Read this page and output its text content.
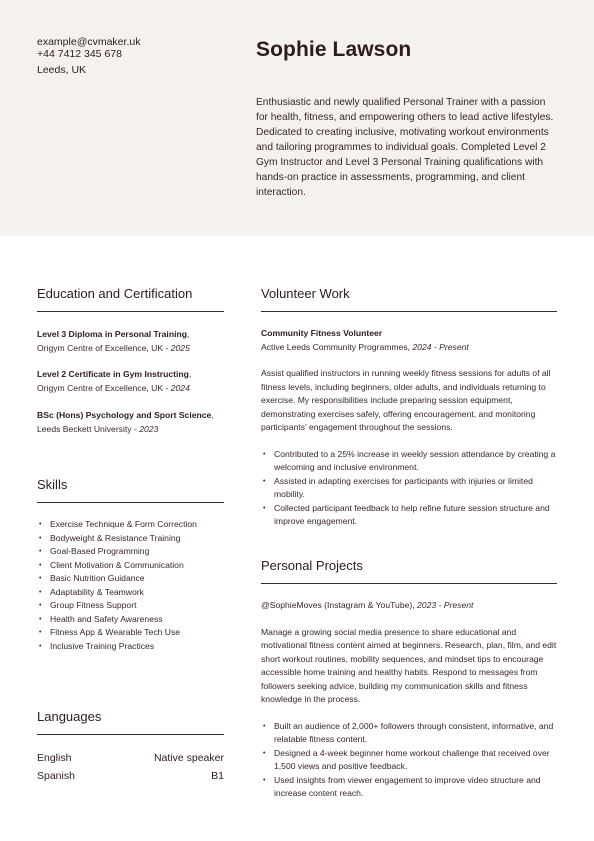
example@cvmaker.uk
+44 7412 345 678
Leeds, UK
Sophie Lawson

Enthusiastic and newly qualified Personal Trainer with a passion for health, fitness, and empowering others to lead active lifestyles. Dedicated to creating inclusive, motivating workout environments and tailoring programmes to individual goals. Completed Level 2 Gym Instructor and Level 3 Personal Training qualifications with hands-on practice in assessments, programming, and client interaction.

Education and Certification
Level 3 Diploma in Personal Training,
Origym Centre of Excellence, UK - 2025
Level 2 Certificate in Gym Instructing,
Origym Centre of Excellence, UK - 2024
BSc (Hons) Psychology and Sport Science,
Leeds Beckett University - 2023
Skills
• Exercise Technique & Form Correction
• Bodyweight & Resistance Training
• Goal-Based Programming
• Client Motivation & Communication
• Basic Nutrition Guidance
• Adaptability & Teamwork
• Group Fitness Support
• Health and Safety Awareness
• Fitness App & Wearable Tech Use
• Inclusive Training Practices
Languages
English	Native speaker
Spanish	B1
Volunteer Work
Community Fitness Volunteer
Active Leeds Community Programmes, 2024 - Present

Assist qualified instructors in running weekly fitness sessions for adults of all fitness levels, including beginners, older adults, and individuals returning to exercise. My responsibilities include preparing session equipment, demonstrating exercises safely, offering encouragement, and monitoring participants' engagement throughout the sessions.

• Contributed to a 25% increase in weekly session attendance by creating a welcoming and inclusive environment.
• Assisted in adapting exercises for participants with injuries or limited mobility.
• Collected participant feedback to help refine future session structure and improve engagement.
Personal Projects
@SophieMoves (Instagram & YouTube), 2023 - Present

Manage a growing social media presence to share educational and motivational fitness content aimed at beginners. Research, plan, film, and edit short workout routines, mobility sequences, and mindset tips to encourage accessible home training and healthy habits. Respond to messages from followers seeking advice, building my communication skills and fitness knowledge in the process.

• Built an audience of 2,000+ followers through consistent, informative, and relatable fitness content.
• Designed a 4-week beginner home workout challenge that received over 1,500 views and positive feedback.
• Used insights from viewer engagement to improve video structure and increase content reach.
